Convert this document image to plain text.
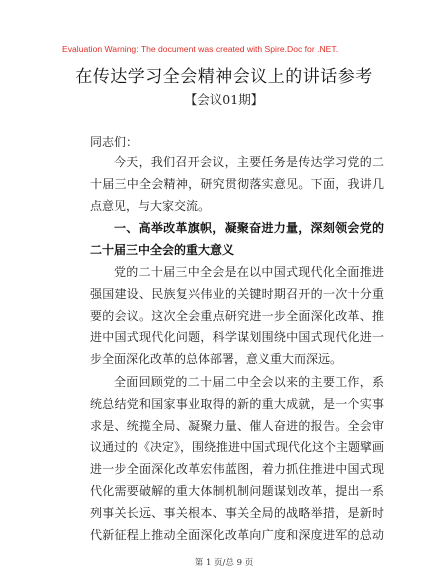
Evaluation Warning: The document was created with Spire.Doc for .NET.
在传达学习全会精神会议上的讲话参考
【会议01期】
同志们：

今天，我们召开会议，主要任务是传达学习党的二十届三中全会精神，研究贯彻落实意见。下面，我讲几点意见，与大家交流。

一、高举改革旗帜，凝聚奋进力量，深刻领会党的二十届三中全会的重大意义

党的二十届三中全会是在以中国式现代化全面推进强国建设、民族复兴伟业的关键时期召开的一次十分重要的会议。这次全会重点研究进一步全面深化改革、推进中国式现代化问题，科学谋划围绕中国式现代化进一步全面深化改革的总体部署，意义重大而深远。

全面回顾党的二十届二中全会以来的主要工作，系统总结党和国家事业取得的新的重大成就，是一个实事求是、统揽全局、凝聚力量、催人奋进的报告。全会审议通过的《决定》，围绕推进中国式现代化这个主题擘画进一步全面深化改革宏伟蓝图，着力抓住推进中国式现代化需要破解的重大体制机制问题谋划改革，提出一系列事关长远、事关根本、事关全局的战略举措，是新时代新征程上推动全面深化改革向广度和深度进军的总动

第 1 页/总 9 页
